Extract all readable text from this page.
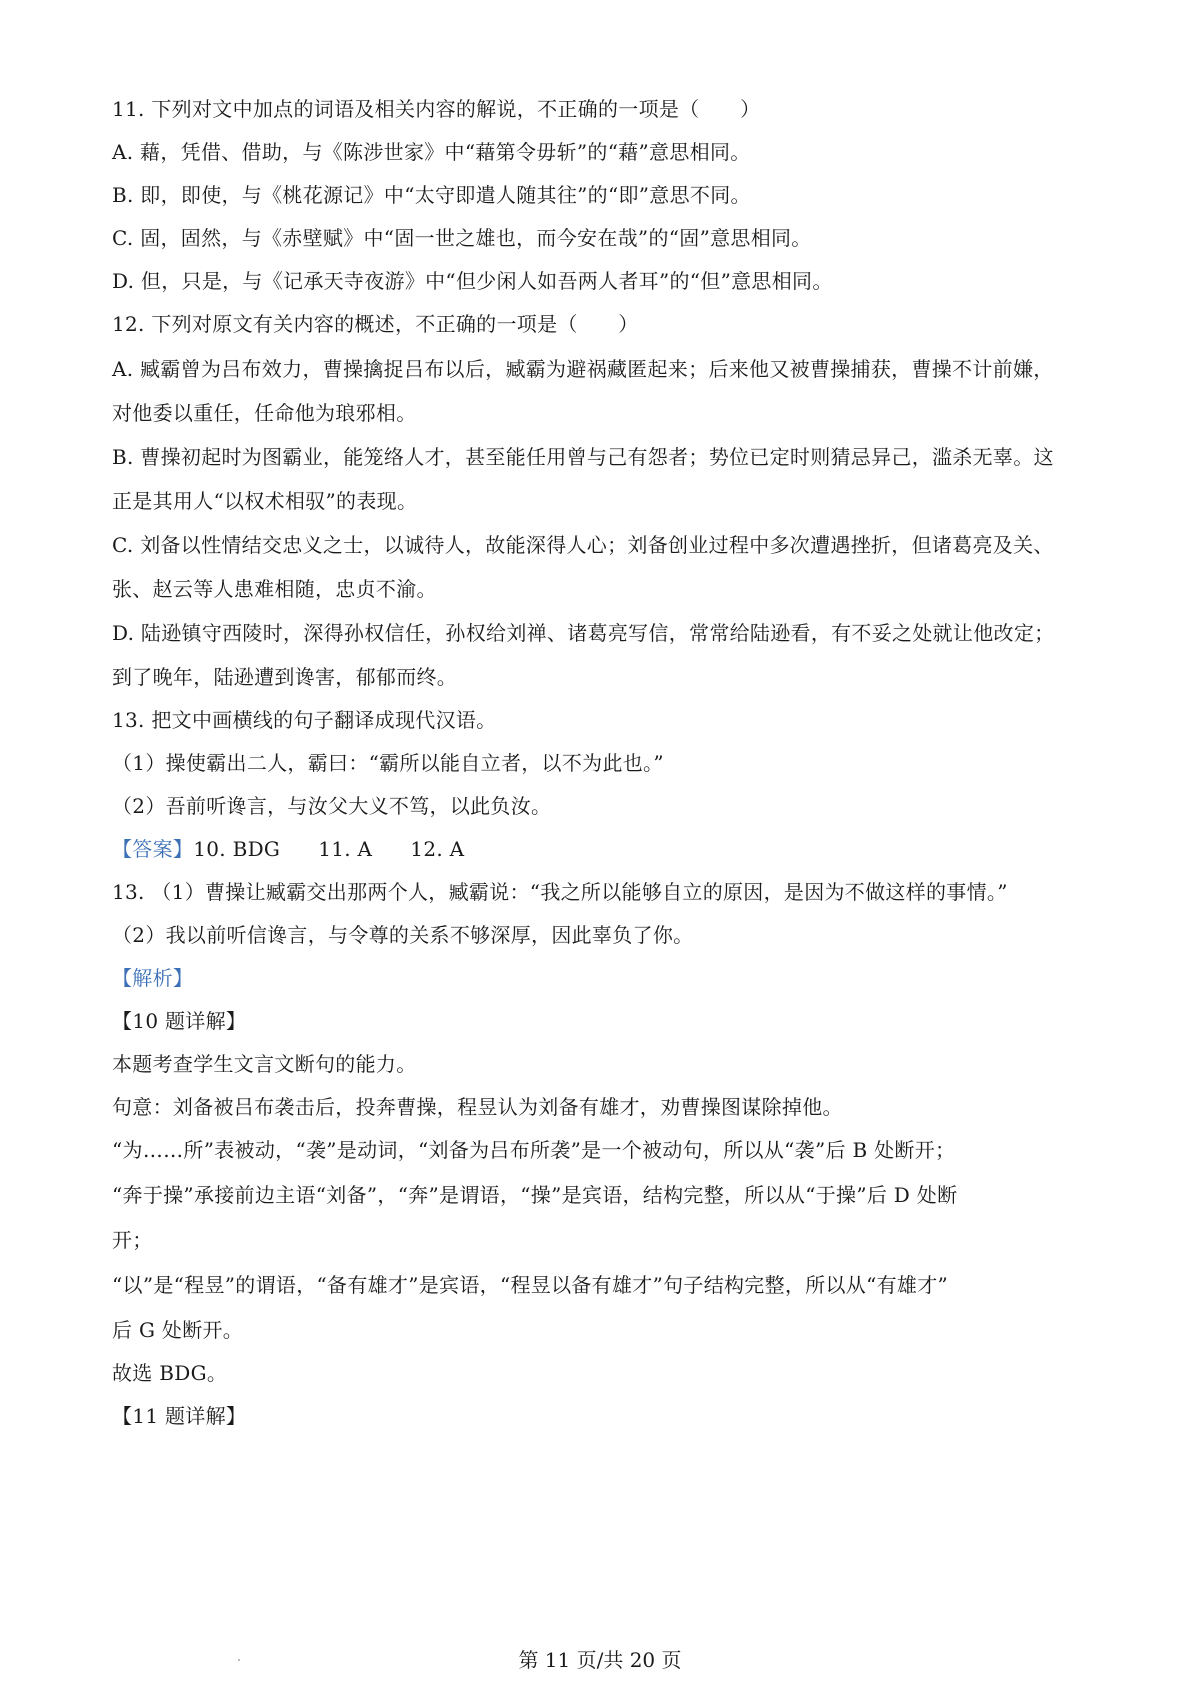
11. 下列对文中加点的词语及相关内容的解说，不正确的一项是（　　）
A. 藉，凭借、借助，与《陈涉世家》中“藉第令毋斩”的“藉”意思相同。
B. 即，即使，与《桃花源记》中“太守即遣人随其往”的“即”意思不同。
C. 固，固然，与《赤壁赋》中“固一世之雄也，而今安在哉”的“固”意思相同。
D. 但，只是，与《记承天寺夜游》中“但少闲人如吾两人者耳”的“但”意思相同。
12. 下列对原文有关内容的概述，不正确的一项是（　　）
A. 臧霸曾为吕布效力，曹操擒捉吕布以后，臧霸为避祸藏匿起来；后来他又被曹操捕获，曹操不计前嫌，
对他委以重任，任命他为琅邪相。
B. 曹操初起时为图霸业，能笼络人才，甚至能任用曾与己有怨者；势位已定时则猜忌异己，滥杀无辜。这
正是其用人“以权术相驭”的表现。
C. 刘备以性情结交忠义之士，以诚待人，故能深得人心；刘备创业过程中多次遭遇挫折，但诸葛亮及关、
张、赵云等人患难相随，忠贞不渝。
D. 陆逊镇守西陵时，深得孙权信任，孙权给刘禅、诸葛亮写信，常常给陆逊看，有不妥之处就让他改定；
到了晚年，陆逊遭到谗害，郁郁而终。
13. 把文中画横线的句子翻译成现代汉语。
（1）操使霸出二人，霸曰：“霸所以能自立者，以不为此也。”
（2）吾前听谗言，与汝父大义不笃，以此负汝。
【答案】10. BDG 11. A 12. A
13. （1）曹操让臧霸交出那两个人，臧霸说：“我之所以能够自立的原因，是因为不做这样的事情。”
（2）我以前听信谗言，与令尊的关系不够深厚，因此辜负了你。
【解析】
【10 题详解】
本题考查学生文言文断句的能力。
句意：刘备被吕布袭击后，投奔曹操，程昱认为刘备有雄才，劝曹操图谋除掉他。
“为……所”表被动，“袭”是动词，“刘备为吕布所袭”是一个被动句，所以从“袭”后 B 处断开；
“奔于操”承接前边主语“刘备”，“奔”是谓语，“操”是宾语，结构完整，所以从“于操”后 D 处断
开；
“以”是“程昱”的谓语，“备有雄才”是宾语，“程昱以备有雄才”句子结构完整，所以从“有雄才”
后 G 处断开。
故选 BDG。
【11 题详解】
第 11 页/共 20 页
